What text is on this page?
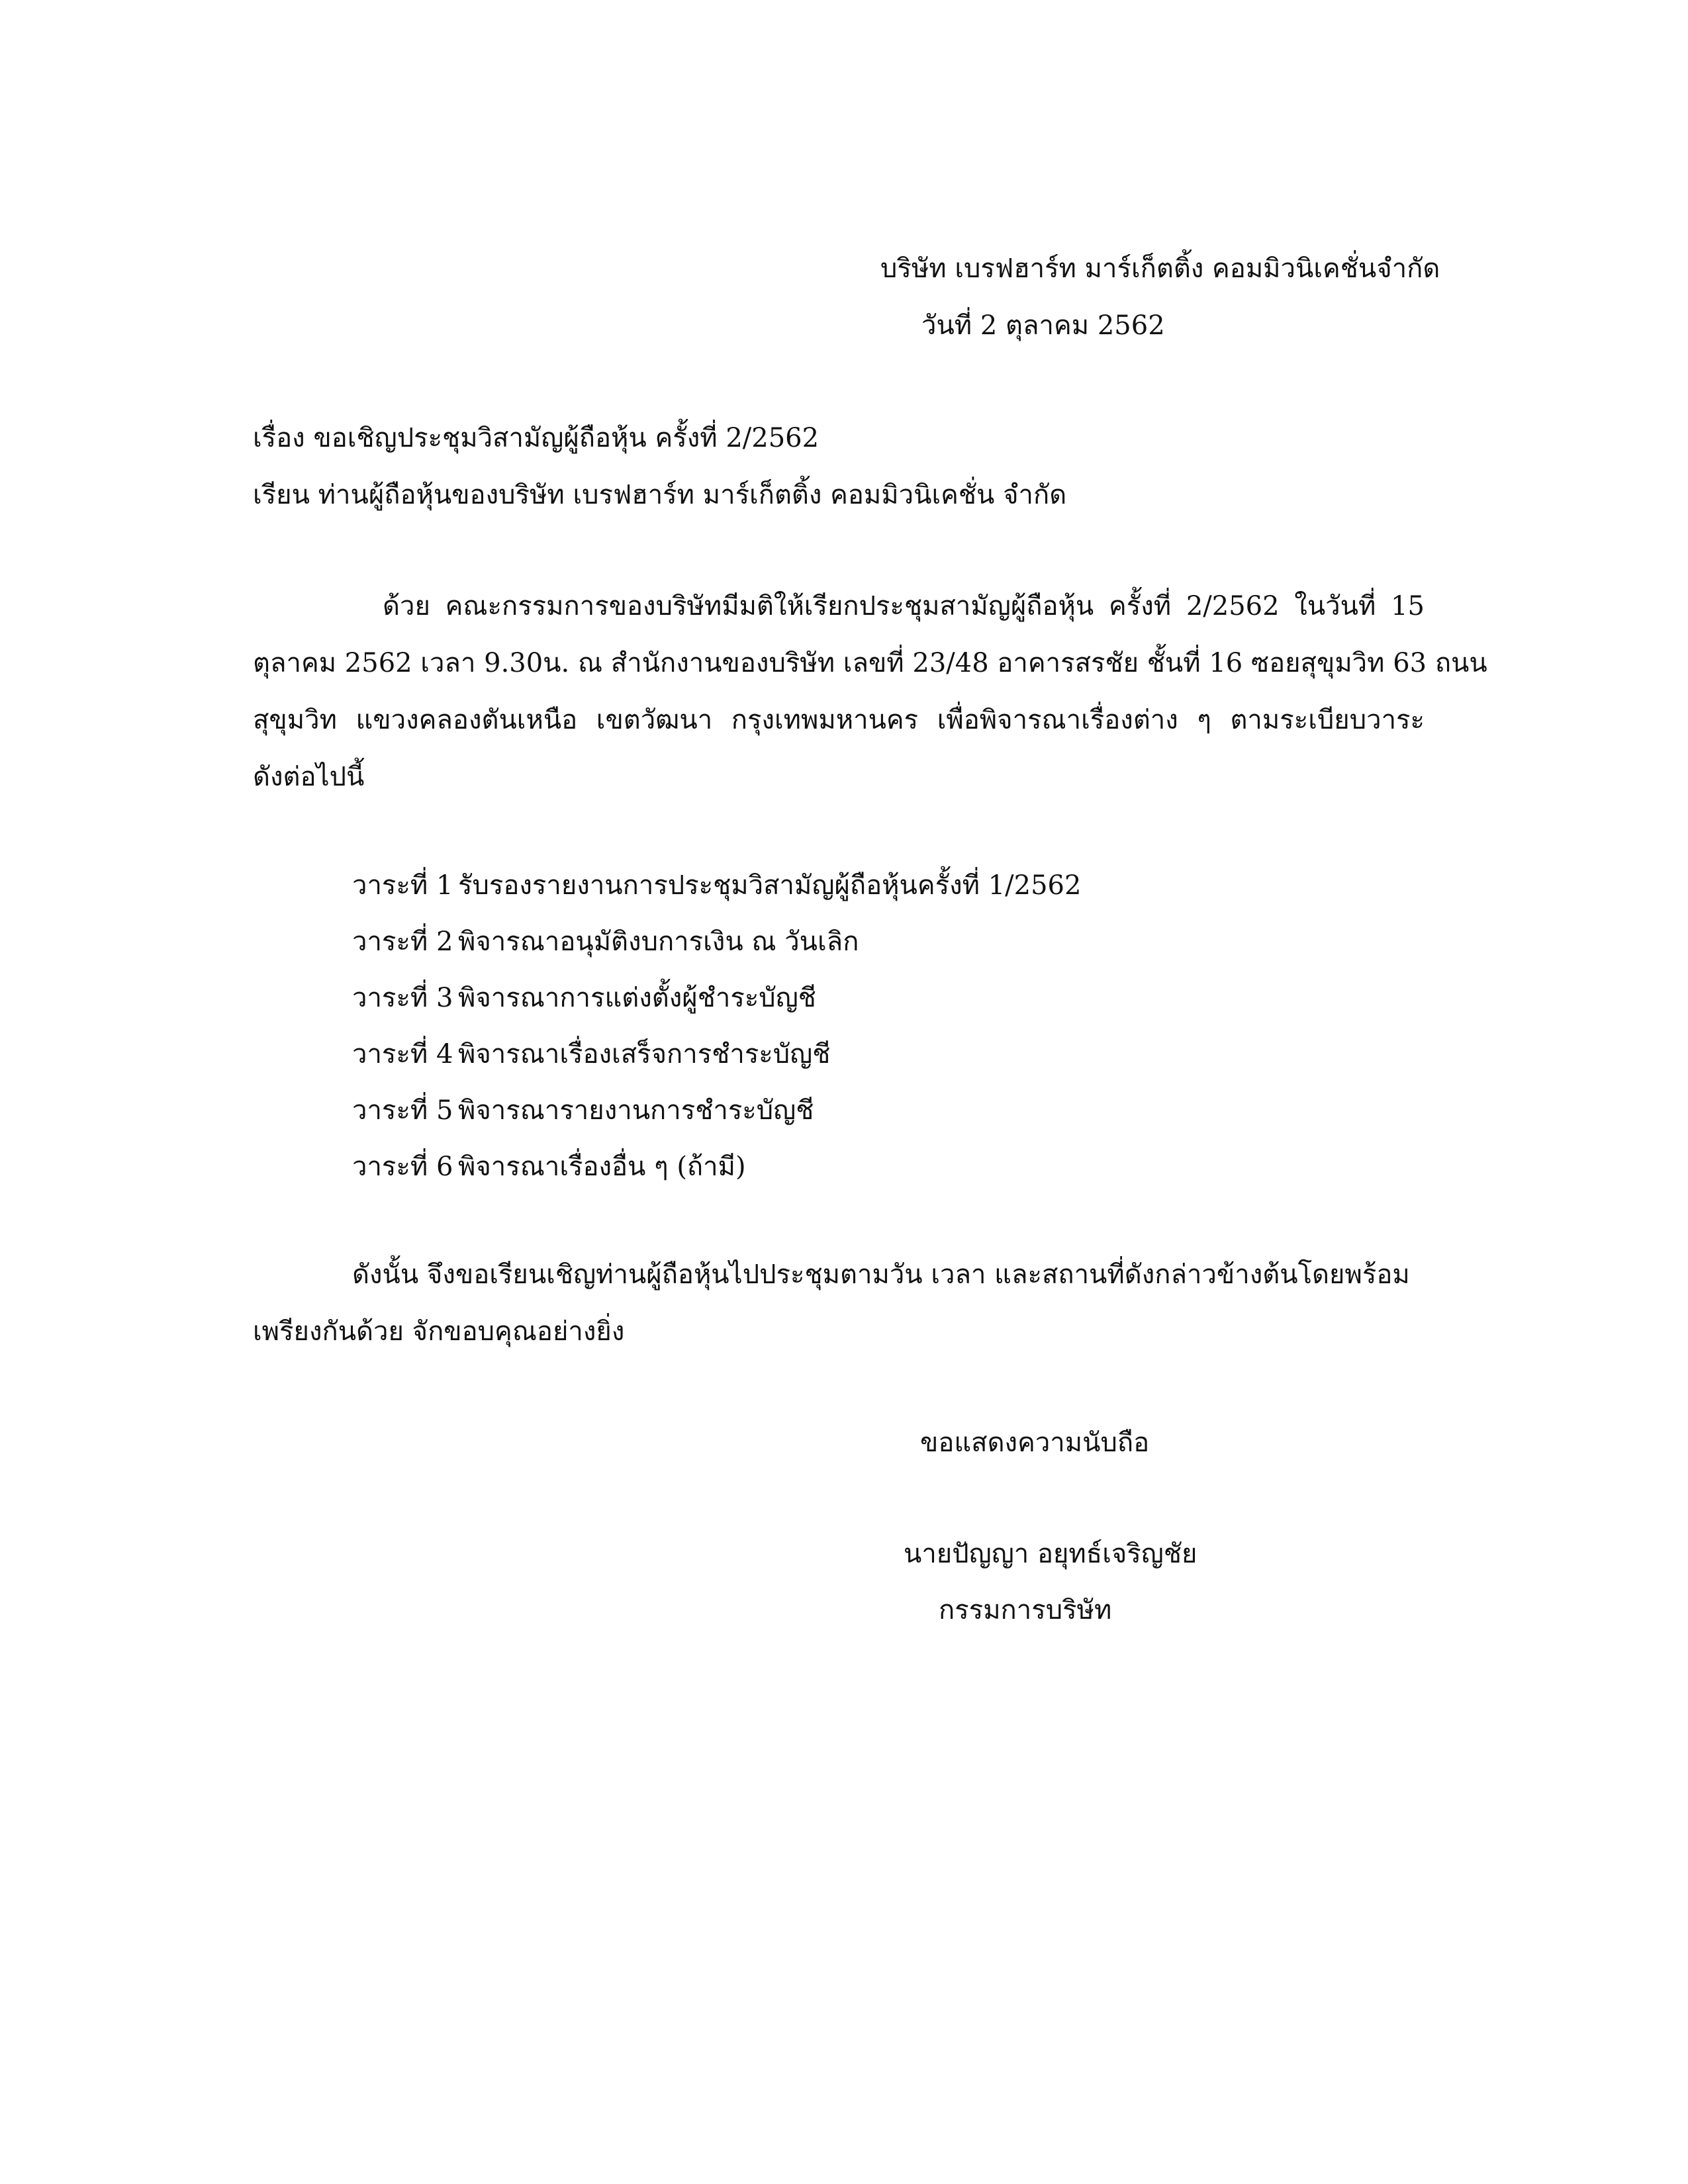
บริษัท เบรฟฮาร์ท มาร์เก็ตติ้ง คอมมิวนิเคชั่นจำกัด
วันที่ 2 ตุลาคม 2562
เรื่อง ขอเชิญประชุมวิสามัญผู้ถือหุ้น ครั้งที่ 2/2562
เรียน ท่านผู้ถือหุ้นของบริษัท เบรฟฮาร์ท มาร์เก็ตติ้ง คอมมิวนิเคชั่น จำกัด
ด้วย คณะกรรมการของบริษัทมีมติให้เรียกประชุมสามัญผู้ถือหุ้น ครั้งที่ 2/2562 ในวันที่ 15
ตุลาคม 2562 เวลา 9.30น. ณ สำนักงานของบริษัท เลขที่ 23/48 อาคารสรชัย ชั้นที่ 16 ซอยสุขุมวิท 63 ถนน
สุขุมวิท แขวงคลองตันเหนือ เขตวัฒนา กรุงเทพมหานคร เพื่อพิจารณาเรื่องต่าง ๆ ตามระเบียบวาระ
ดังต่อไปนี้
วาระที่ 1 รับรองรายงานการประชุมวิสามัญผู้ถือหุ้นครั้งที่ 1/2562
วาระที่ 2 พิจารณาอนุมัติงบการเงิน ณ วันเลิก
วาระที่ 3 พิจารณาการแต่งตั้งผู้ชำระบัญชี
วาระที่ 4 พิจารณาเรื่องเสร็จการชำระบัญชี
วาระที่ 5 พิจารณารายงานการชำระบัญชี
วาระที่ 6 พิจารณาเรื่องอื่น ๆ (ถ้ามี)
ดังนั้น จึงขอเรียนเชิญท่านผู้ถือหุ้นไปประชุมตามวัน เวลา และสถานที่ดังกล่าวข้างต้นโดยพร้อม
เพรียงกันด้วย จักขอบคุณอย่างยิ่ง
ขอแสดงความนับถือ
นายปัญญา อยุทธ์เจริญชัย
กรรมการบริษัท
